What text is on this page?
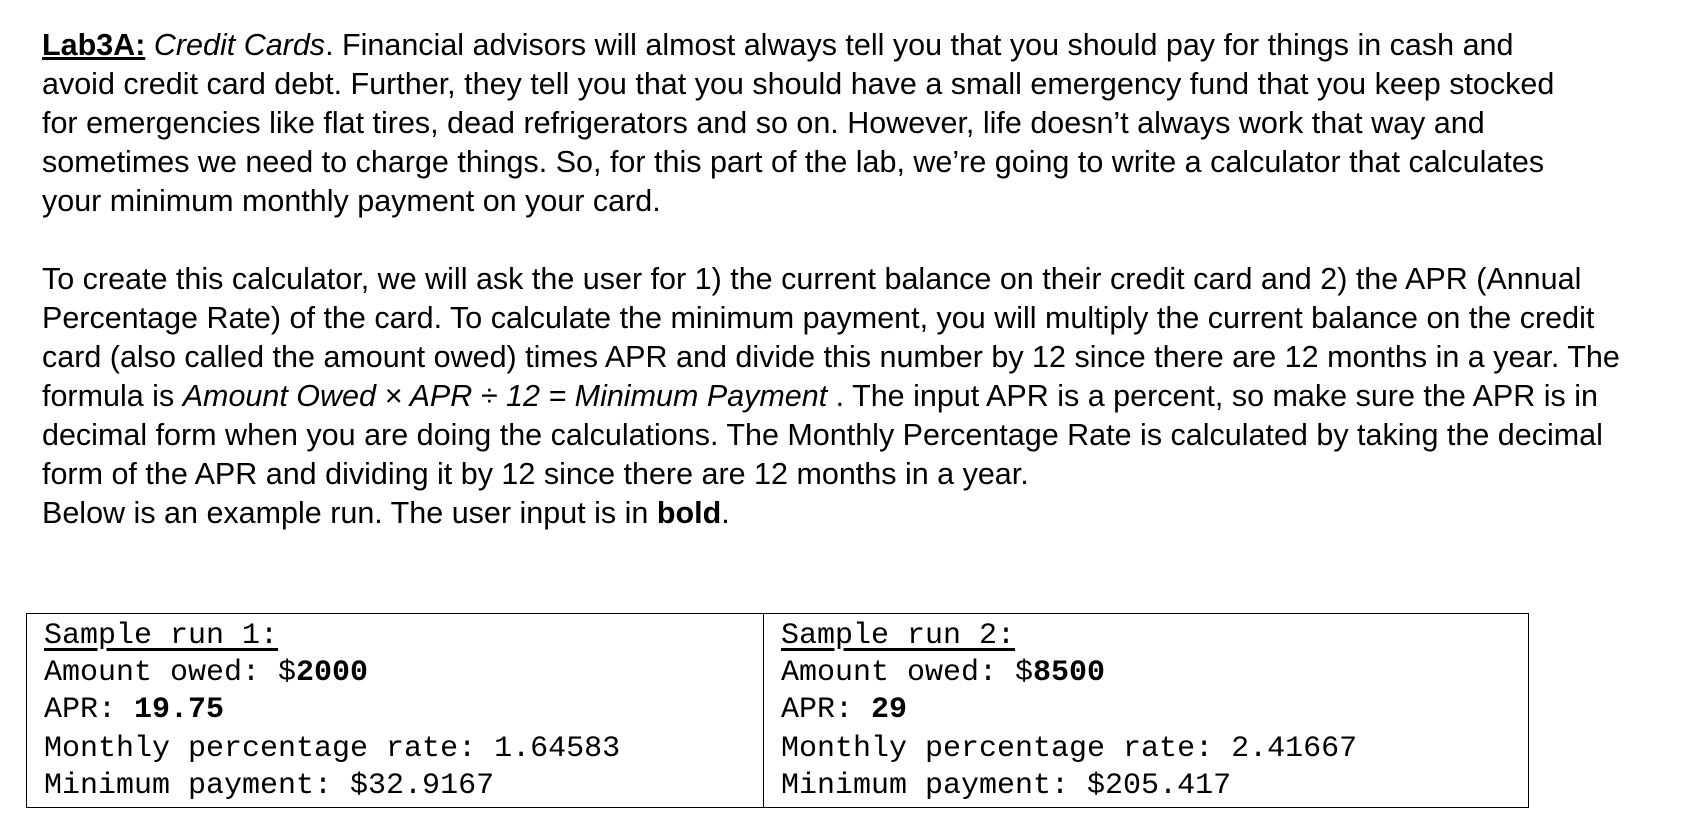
Lab3A: Credit Cards. Financial advisors will almost always tell you that you should pay for things in cash and avoid credit card debt. Further, they tell you that you should have a small emergency fund that you keep stocked for emergencies like flat tires, dead refrigerators and so on. However, life doesn’t always work that way and sometimes we need to charge things. So, for this part of the lab, we’re going to write a calculator that calculates your minimum monthly payment on your card.
To create this calculator, we will ask the user for 1) the current balance on their credit card and 2) the APR (Annual Percentage Rate) of the card. To calculate the minimum payment, you will multiply the current balance on the credit card (also called the amount owed) times APR and divide this number by 12 since there are 12 months in a year. The formula is Amount Owed × APR ÷ 12 = Minimum Payment . The input APR is a percent, so make sure the APR is in decimal form when you are doing the calculations. The Monthly Percentage Rate is calculated by taking the decimal form of the APR and dividing it by 12 since there are 12 months in a year.
Below is an example run. The user input is in bold.
Sample run 1:
Amount owed: $2000
APR: 19.75
Monthly percentage rate: 1.64583
Minimum payment: $32.9167

Sample run 2:
Amount owed: $8500
APR: 29
Monthly percentage rate: 2.41667
Minimum payment: $205.417
